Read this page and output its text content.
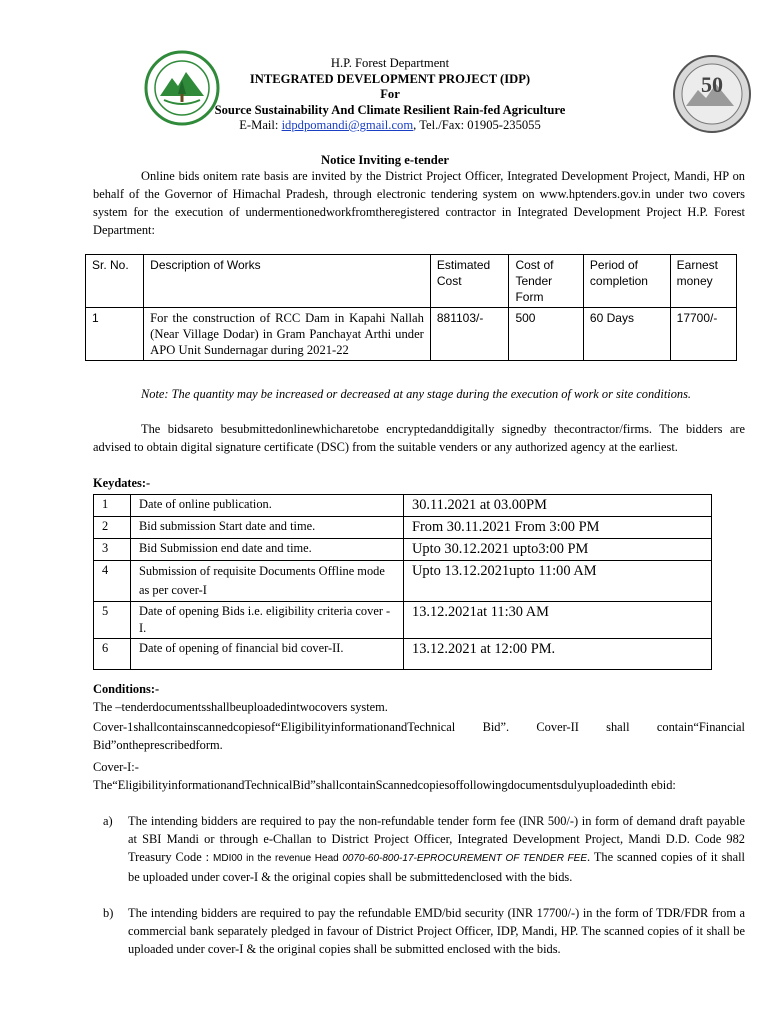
50
H.P. Forest Department
INTEGRATED DEVELOPMENT PROJECT (IDP)
For
Source Sustainability And Climate Resilient Rain-fed Agriculture
E-Mail: idpdpomandi@gmail.com, Tel./Fax: 01905-235055
Notice Inviting e-tender
Online bids onitem rate basis are invited by the District Project Officer, Integrated Development Project, Mandi, HP on behalf of the Governor of Himachal Pradesh, through electronic tendering system on www.hptenders.gov.in under two covers system for the execution of undermentionedworkfromtheregistered contractor in Integrated Development Project H.P. Forest Department:
Sr. No.	Description of Works	Estimated Cost	Cost of Tender Form	Period of completion	Earnest money
1	For the construction of RCC Dam in Kapahi Nallah (Near Village Dodar) in Gram Panchayat Arthi under APO Unit Sundernagar during 2021-22	881103/-	500	60 Days	17700/-
Note: The quantity may be increased or decreased at any stage during the execution of work or site conditions.
The bidsareto besubmittedonlinewhicharetobe encryptedanddigitally signedby thecontractor/firms. The bidders are advised to obtain digital signature certificate (DSC) from the suitable venders or any authorized agency at the earliest.
Keydates:-
1	Date of online publication.	30.11.2021 at 03.00PM
2	Bid submission Start date and time.	From 30.11.2021 From 3:00 PM
3	Bid Submission end date and time.	Upto 30.12.2021 upto3:00 PM
4	Submission of requisite Documents Offline mode as per cover-I	Upto 13.12.2021upto 11:00 AM
5	Date of opening Bids i.e. eligibility criteria cover -I.	13.12.2021at 11:30 AM
6	Date of opening of financial bid cover-II.	13.12.2021 at 12:00 PM.
Conditions:-
The –tenderdocumentsshallbeuploadedintwocovers system.
Cover-1shallcontainscannedcopiesof“EligibilityinformationandTechnical Bid”. Cover-II shall contain“Financial Bid”ontheprescribedform.
Cover-I:-
The“EligibilityinformationandTechnicalBid”shallcontainScannedcopiesoffollowingdocumentsdulyuploadedinth ebid:
a) The intending bidders are required to pay the non-refundable tender form fee (INR 500/-) in form of demand draft payable at SBI Mandi or through e-Challan to District Project Officer, Integrated Development Project, Mandi D.D. Code 982 Treasury Code : MDI00 in the revenue Head 0070-60-800-17-EPROCUREMENT OF TENDER FEE. The scanned copies of it shall be uploaded under cover-I & the original copies shall be submittedenclosed with the bids.
b) The intending bidders are required to pay the refundable EMD/bid security (INR 17700/-) in the form of TDR/FDR from a commercial bank separately pledged in favour of District Project Officer, IDP, Mandi, HP. The scanned copies of it shall be uploaded under cover-I & the original copies shall be submitted enclosed with the bids.
